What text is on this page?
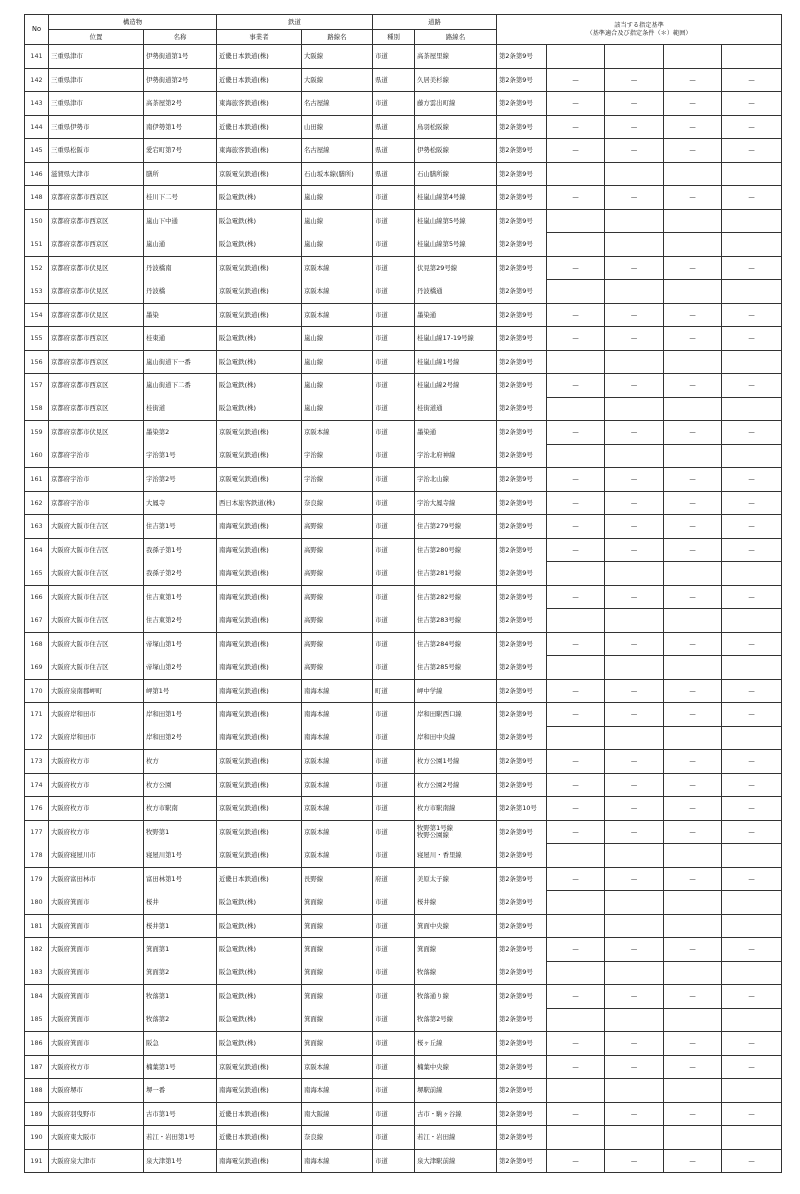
No	構造物		鉄道		道路		該当する指定基準
（基準適合及び指定条件（＊）範囲）				
	位置	名称	事業者	路線名	種別	路線名					
141	三重県津市	伊勢街道第1号	近畿日本鉄道(株)	大阪線	市道	高茶屋里線	第2条第9号				
142	三重県津市	伊勢街道第2号	近畿日本鉄道(株)	大阪線	県道	久居美杉線	第2条第9号	—	—	—	—
143	三重県津市	高茶屋第2号	東海旅客鉄道(株)	名古屋線	市道	藤方雲出町線	第2条第9号	—	—	—	—
144	三重県伊勢市	南伊勢第1号	近畿日本鉄道(株)	山田線	県道	鳥羽松阪線	第2条第9号	—	—	—	—
145	三重県松阪市	愛宕町第7号	東海旅客鉄道(株)	名古屋線	県道	伊勢松阪線	第2条第9号	—	—	—	—
146	滋賀県大津市	膳所	京阪電気鉄道(株)	石山坂本線(膳所)	県道	石山膳所線	第2条第9号				
148	京都府京都市西京区	桂川下二号	阪急電鉄(株)	嵐山線	市道	桂嵐山線第4号線	第2条第9号	—	—	—	—
150	京都府京都市西京区	嵐山下中通	阪急電鉄(株)	嵐山線	市道	桂嵐山線第5号線	第2条第9号				
151	京都府京都市西京区	嵐山通	阪急電鉄(株)	嵐山線	市道	桂嵐山線第5号線	第2条第9号				
152	京都府京都市伏見区	丹波橋南	京阪電気鉄道(株)	京阪本線	市道	伏見第29号線	第2条第9号	—	—	—	—
153	京都府京都市伏見区	丹波橋	京阪電気鉄道(株)	京阪本線	市道	丹波橋通	第2条第9号				
154	京都府京都市伏見区	墨染	京阪電気鉄道(株)	京阪本線	市道	墨染通	第2条第9号	—	—	—	—
155	京都府京都市西京区	桂東通	阪急電鉄(株)	嵐山線	市道	桂嵐山線17-19号線	第2条第9号	—	—	—	—
156	京都府京都市西京区	嵐山街道下一番	阪急電鉄(株)	嵐山線	市道	桂嵐山線1号線	第2条第9号				
157	京都府京都市西京区	嵐山街道下二番	阪急電鉄(株)	嵐山線	市道	桂嵐山線2号線	第2条第9号	—	—	—	—
158	京都府京都市西京区	桂街道	阪急電鉄(株)	嵐山線	市道	桂街道通	第2条第9号				
159	京都府京都市伏見区	墨染第2	京阪電気鉄道(株)	京阪本線	市道	墨染通	第2条第9号	—	—	—	—
160	京都府宇治市	宇治第1号	京阪電気鉄道(株)	宇治線	市道	宇治北府神線	第2条第9号				
161	京都府宇治市	宇治第2号	京阪電気鉄道(株)	宇治線	市道	宇治北山線	第2条第9号	—	—	—	—
162	京都府宇治市	大鳳寺	西日本旅客鉄道(株)	奈良線	市道	宇治大鳳寺線	第2条第9号	—	—	—	—
163	大阪府大阪市住吉区	住吉第1号	南海電気鉄道(株)	高野線	市道	住吉第279号線	第2条第9号	—	—	—	—
164	大阪府大阪市住吉区	我孫子第1号	南海電気鉄道(株)	高野線	市道	住吉第280号線	第2条第9号	—	—	—	—
165	大阪府大阪市住吉区	我孫子第2号	南海電気鉄道(株)	高野線	市道	住吉第281号線	第2条第9号				
166	大阪府大阪市住吉区	住吉東第1号	南海電気鉄道(株)	高野線	市道	住吉第282号線	第2条第9号	—	—	—	—
167	大阪府大阪市住吉区	住吉東第2号	南海電気鉄道(株)	高野線	市道	住吉第283号線	第2条第9号				
168	大阪府大阪市住吉区	帝塚山第1号	南海電気鉄道(株)	高野線	市道	住吉第284号線	第2条第9号	—	—	—	—
169	大阪府大阪市住吉区	帝塚山第2号	南海電気鉄道(株)	高野線	市道	住吉第285号線	第2条第9号				
170	大阪府泉南郡岬町	岬第1号	南海電気鉄道(株)	南海本線	町道	岬中学線	第2条第9号	—	—	—	—
171	大阪府岸和田市	岸和田第1号	南海電気鉄道(株)	南海本線	市道	岸和田駅西口線	第2条第9号	—	—	—	—
172	大阪府岸和田市	岸和田第2号	南海電気鉄道(株)	南海本線	市道	岸和田中央線	第2条第9号				
173	大阪府枚方市	枚方	京阪電気鉄道(株)	京阪本線	市道	枚方公園1号線	第2条第9号	—	—	—	—
174	大阪府枚方市	枚方公園	京阪電気鉄道(株)	京阪本線	市道	枚方公園2号線	第2条第9号	—	—	—	—
176	大阪府枚方市	枚方市駅南	京阪電気鉄道(株)	京阪本線	市道	枚方市駅南線	第2条第10号	—	—	—	—
177	大阪府枚方市	牧野第1	京阪電気鉄道(株)	京阪本線	市道	牧野第1号線
牧野公園線	第2条第9号	—	—	—	—
178	大阪府寝屋川市	寝屋川第1号	京阪電気鉄道(株)	京阪本線	市道	寝屋川・香里線	第2条第9号				
179	大阪府富田林市	富田林第1号	近畿日本鉄道(株)	長野線	府道	美原太子線	第2条第9号	—	—	—	—
180	大阪府箕面市	桜井	阪急電鉄(株)	箕面線	市道	桜井線	第2条第9号				
181	大阪府箕面市	桜井第1	阪急電鉄(株)	箕面線	市道	箕面中央線	第2条第9号				
182	大阪府箕面市	箕面第1	阪急電鉄(株)	箕面線	市道	箕面線	第2条第9号	—	—	—	—
183	大阪府箕面市	箕面第2	阪急電鉄(株)	箕面線	市道	牧落線	第2条第9号				
184	大阪府箕面市	牧落第1	阪急電鉄(株)	箕面線	市道	牧落通り線	第2条第9号	—	—	—	—
185	大阪府箕面市	牧落第2	阪急電鉄(株)	箕面線	市道	牧落第2号線	第2条第9号				
186	大阪府箕面市	阪急	阪急電鉄(株)	箕面線	市道	桜ヶ丘線	第2条第9号	—	—	—	—
187	大阪府枚方市	楠葉第1号	京阪電気鉄道(株)	京阪本線	市道	楠葉中央線	第2条第9号	—	—	—	—
188	大阪府堺市	堺一番	南海電気鉄道(株)	南海本線	市道	堺駅前線	第2条第9号				
189	大阪府羽曳野市	古市第1号	近畿日本鉄道(株)	南大阪線	市道	古市・駒ヶ谷線	第2条第9号	—	—	—	—
190	大阪府東大阪市	若江・岩田第1号	近畿日本鉄道(株)	奈良線	市道	若江・岩田線	第2条第9号				
191	大阪府泉大津市	泉大津第1号	南海電気鉄道(株)	南海本線	市道	泉大津駅前線	第2条第9号	—	—	—	—
